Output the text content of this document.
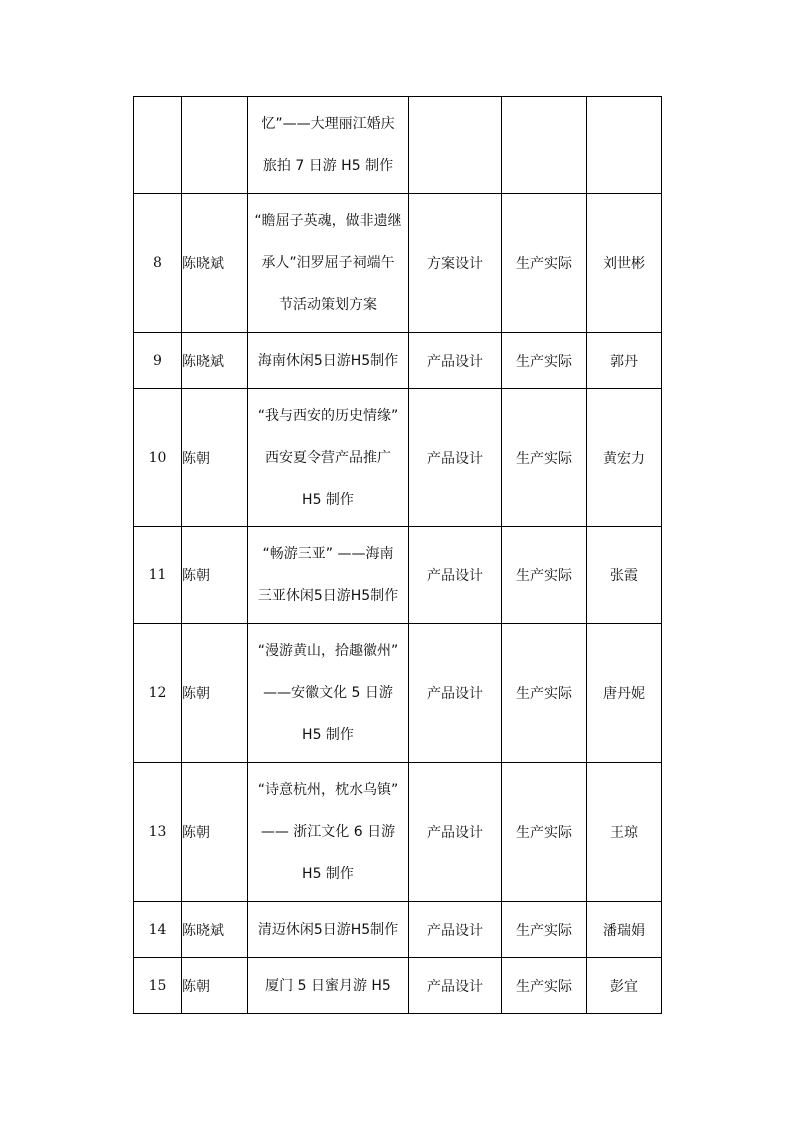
		忆”——大理丽江婚庆
旅拍 7 日游 H5 制作			

8	陈晓斌	“瞻屈子英魂，做非遗继
承人”汨罗屈子祠端午
节活动策划方案	方案设计	生产实际	刘世彬
9	陈晓斌	海南休闲5日游H5制作	产品设计	生产实际	郭丹
10	陈朝	“我与西安的历史情缘”
西安夏令营产品推广
H5 制作	产品设计	生产实际	黄宏力
11	陈朝	“畅游三亚” ——海南
三亚休闲5日游H5制作	产品设计	生产实际	张霞
12	陈朝	“漫游黄山，拾趣徽州”
——安徽文化 5 日游
H5 制作	产品设计	生产实际	唐丹妮
13	陈朝	“诗意杭州，枕水乌镇”
—— 浙江文化 6 日游
H5 制作	产品设计	生产实际	王琼
14	陈晓斌	清迈休闲5日游H5制作	产品设计	生产实际	潘瑞娟
15	陈朝	厦门 5 日蜜月游 H5	产品设计	生产实际	彭宜
